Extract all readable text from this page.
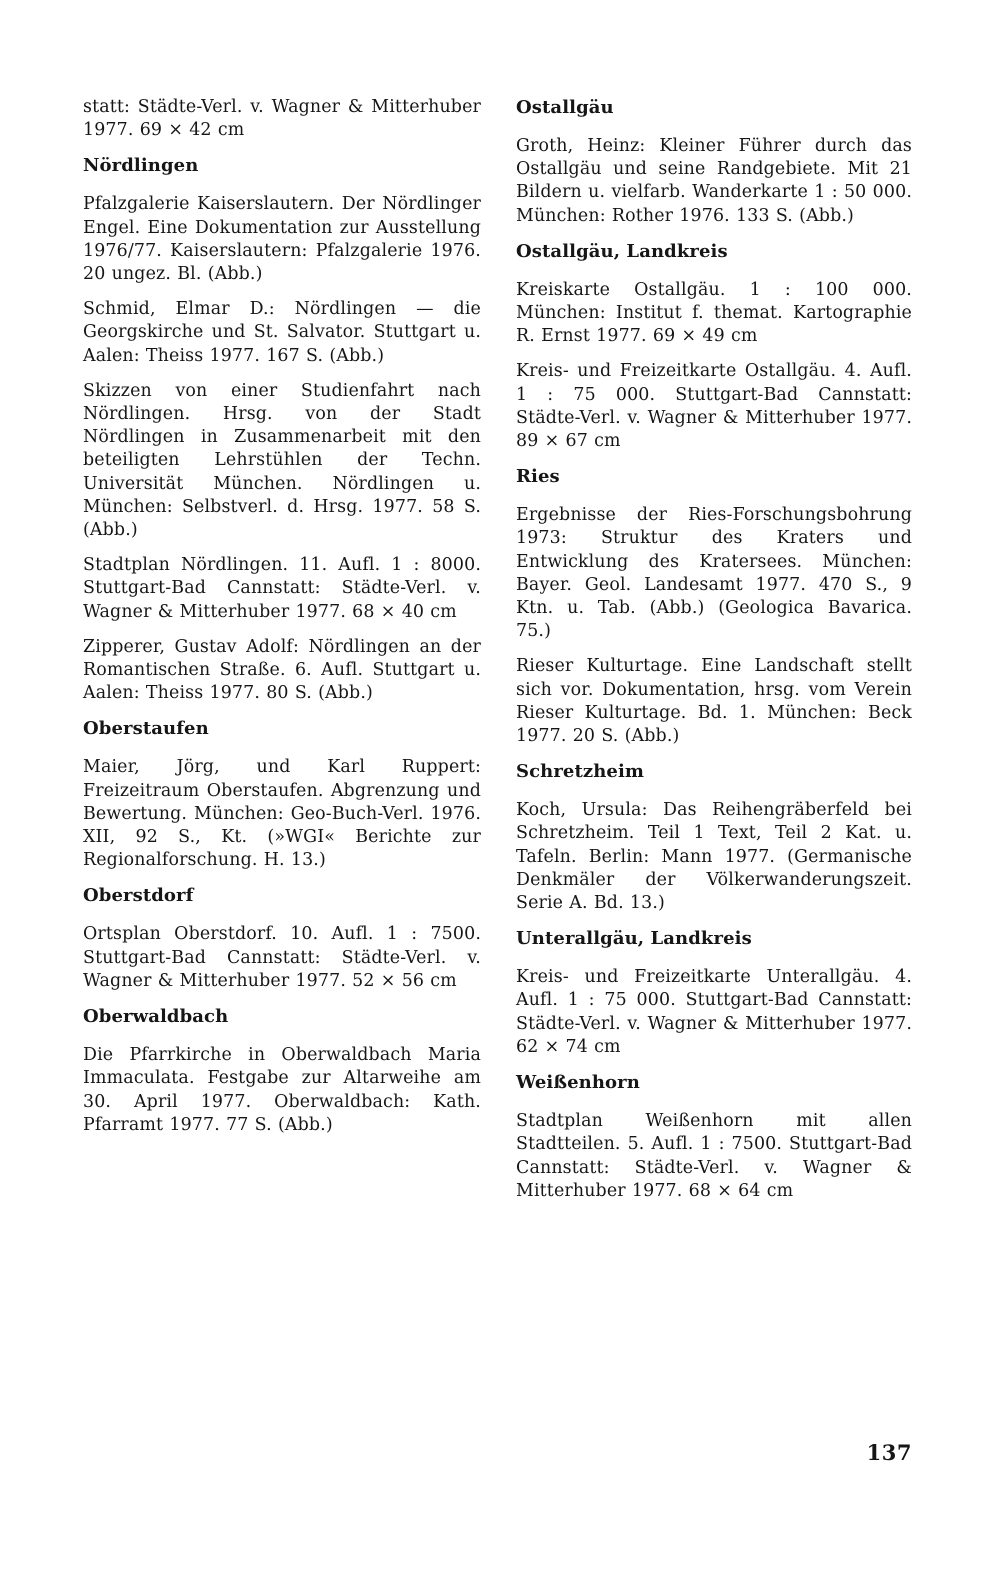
statt: Städte-Verl. v. Wagner & Mitterhuber 1977. 69 × 42 cm

Nördlingen

Pfalzgalerie Kaiserslautern. Der Nördlinger Engel. Eine Dokumentation zur Ausstellung 1976/77. Kaiserslautern: Pfalzgalerie 1976. 20 ungez. Bl. (Abb.)

Schmid, Elmar D.: Nördlingen — die Georgskirche und St. Salvator. Stuttgart u. Aalen: Theiss 1977. 167 S. (Abb.)

Skizzen von einer Studienfahrt nach Nördlingen. Hrsg. von der Stadt Nördlingen in Zusammenarbeit mit den beteiligten Lehrstühlen der Techn. Universität München. Nördlingen u. München: Selbstverl. d. Hrsg. 1977. 58 S. (Abb.)

Stadtplan Nördlingen. 11. Aufl. 1 : 8000. Stuttgart-Bad Cannstatt: Städte-Verl. v. Wagner & Mitterhuber 1977. 68 × 40 cm

Zipperer, Gustav Adolf: Nördlingen an der Romantischen Straße. 6. Aufl. Stuttgart u. Aalen: Theiss 1977. 80 S. (Abb.)

Oberstaufen

Maier, Jörg, und Karl Ruppert: Freizeitraum Oberstaufen. Abgrenzung und Bewertung. München: Geo-Buch-Verl. 1976. XII, 92 S., Kt. (»WGI« Berichte zur Regionalforschung. H. 13.)

Oberstdorf

Ortsplan Oberstdorf. 10. Aufl. 1 : 7500. Stuttgart-Bad Cannstatt: Städte-Verl. v. Wagner & Mitterhuber 1977. 52 × 56 cm

Oberwaldbach

Die Pfarrkirche in Oberwaldbach Maria Immaculata. Festgabe zur Altarweihe am 30. April 1977. Oberwaldbach: Kath. Pfarramt 1977. 77 S. (Abb.)

Ostallgäu

Groth, Heinz: Kleiner Führer durch das Ostallgäu und seine Randgebiete. Mit 21 Bildern u. vielfarb. Wanderkarte 1 : 50 000. München: Rother 1976. 133 S. (Abb.)

Ostallgäu, Landkreis

Kreiskarte Ostallgäu. 1 : 100 000. München: Institut f. themat. Kartographie R. Ernst 1977. 69 × 49 cm

Kreis- und Freizeitkarte Ostallgäu. 4. Aufl. 1 : 75 000. Stuttgart-Bad Cannstatt: Städte-Verl. v. Wagner & Mitterhuber 1977. 89 × 67 cm

Ries

Ergebnisse der Ries-Forschungsbohrung 1973: Struktur des Kraters und Entwicklung des Kratersees. München: Bayer. Geol. Landesamt 1977. 470 S., 9 Ktn. u. Tab. (Abb.) (Geologica Bavarica. 75.)

Rieser Kulturtage. Eine Landschaft stellt sich vor. Dokumentation, hrsg. vom Verein Rieser Kulturtage. Bd. 1. München: Beck 1977. 20 S. (Abb.)

Schretzheim

Koch, Ursula: Das Reihengräberfeld bei Schretzheim. Teil 1 Text, Teil 2 Kat. u. Tafeln. Berlin: Mann 1977. (Germanische Denkmäler der Völkerwanderungszeit. Serie A. Bd. 13.)

Unterallgäu, Landkreis

Kreis- und Freizeitkarte Unterallgäu. 4. Aufl. 1 : 75 000. Stuttgart-Bad Cannstatt: Städte-Verl. v. Wagner & Mitterhuber 1977. 62 × 74 cm

Weißenhorn

Stadtplan Weißenhorn mit allen Stadtteilen. 5. Aufl. 1 : 7500. Stuttgart-Bad Cannstatt: Städte-Verl. v. Wagner & Mitterhuber 1977. 68 × 64 cm

137
